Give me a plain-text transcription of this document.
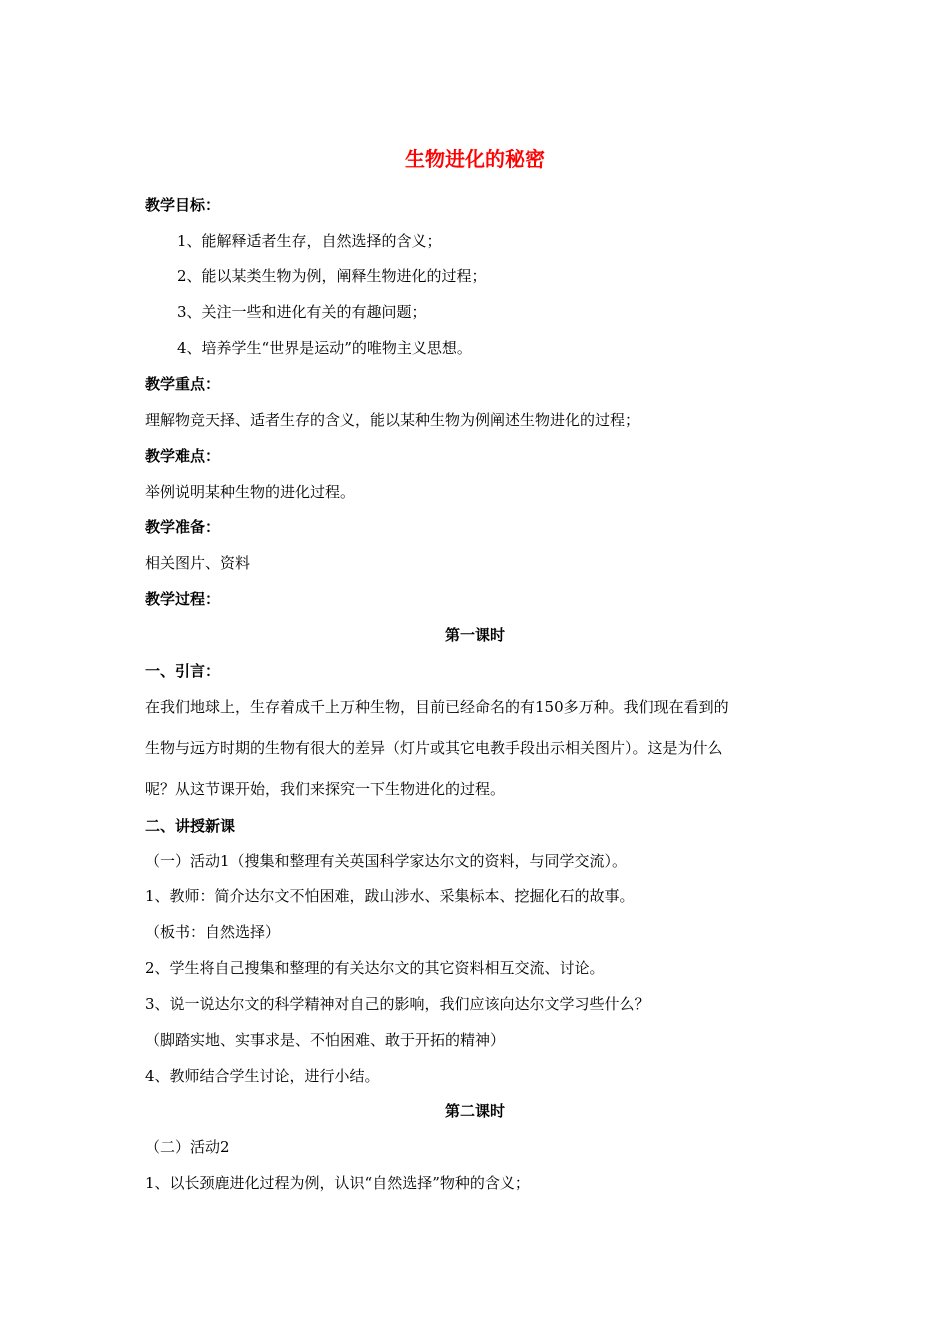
生物进化的秘密
教学目标：
1、能解释适者生存，自然选择的含义；
2、能以某类生物为例，阐释生物进化的过程；
3、关注一些和进化有关的有趣问题；
4、培养学生“世界是运动”的唯物主义思想。
教学重点：
理解物竞天择、适者生存的含义，能以某种生物为例阐述生物进化的过程；
教学难点：
举例说明某种生物的进化过程。
教学准备：
相关图片、资料
教学过程：
第一课时
一、引言：
在我们地球上，生存着成千上万种生物，目前已经命名的有150多万种。我们现在看到的
生物与远方时期的生物有很大的差异（灯片或其它电教手段出示相关图片）。这是为什么
呢？从这节课开始，我们来探究一下生物进化的过程。
二、讲授新课
（一）活动1（搜集和整理有关英国科学家达尔文的资料，与同学交流）。
1、教师：简介达尔文不怕困难，跋山涉水、采集标本、挖掘化石的故事。
（板书：自然选择）
2、学生将自己搜集和整理的有关达尔文的其它资料相互交流、讨论。
3、说一说达尔文的科学精神对自己的影响，我们应该向达尔文学习些什么？
（脚踏实地、实事求是、不怕困难、敢于开拓的精神）
4、教师结合学生讨论，进行小结。
第二课时
（二）活动2
1、以长颈鹿进化过程为例，认识“自然选择”物种的含义；
